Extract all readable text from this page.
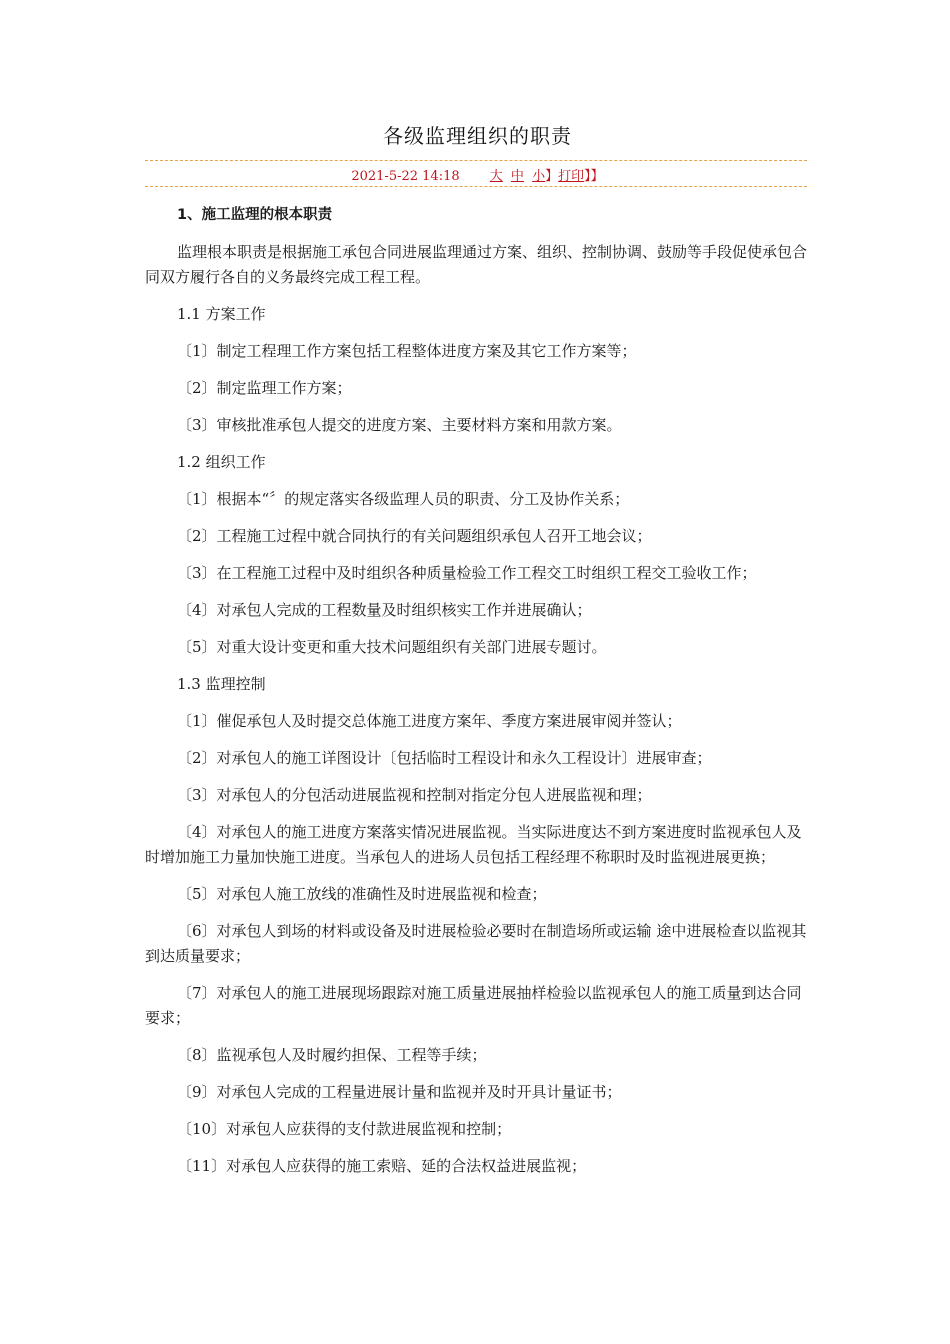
各级监理组织的职责
2021-5-22 14:18 大 中 小】打印】】

1、施工监理的根本职责

监理根本职责是根据施工承包合同进展监理通过方案、组织、控制协调、鼓励等手段促使承包合同双方履行各自的义务最终完成工程工程。

1.1 方案工作

〔1〕制定工程理工作方案包括工程整体进度方案及其它工作方案等；

〔2〕制定监理工作方案；

〔3〕审核批准承包人提交的进度方案、主要材料方案和用款方案。

1.2 组织工作

〔1〕根据本“〞的规定落实各级监理人员的职责、分工及协作关系；

〔2〕工程施工过程中就合同执行的有关问题组织承包人召开工地会议；

〔3〕在工程施工过程中及时组织各种质量检验工作工程交工时组织工程交工验收工作；

〔4〕对承包人完成的工程数量及时组织核实工作并进展确认；

〔5〕对重大设计变更和重大技术问题组织有关部门进展专题讨。

1.3 监理控制

〔1〕催促承包人及时提交总体施工进度方案年、季度方案进展审阅并签认；

〔2〕对承包人的施工详图设计〔包括临时工程设计和永久工程设计〕进展审查；

〔3〕对承包人的分包活动进展监视和控制对指定分包人进展监视和理；

〔4〕对承包人的施工进度方案落实情况进展监视。当实际进度达不到方案进度时监视承包人及时增加施工力量加快施工进度。当承包人的进场人员包括工程经理不称职时及时监视进展更换；

〔5〕对承包人施工放线的准确性及时进展监视和检查；

〔6〕对承包人到场的材料或设备及时进展检验必要时在制造场所或运输 途中进展检查以监视其到达质量要求；

〔7〕对承包人的施工进展现场跟踪对施工质量进展抽样检验以监视承包人的施工质量到达合同要求；

〔8〕监视承包人及时履约担保、工程等手续；

〔9〕对承包人完成的工程量进展计量和监视并及时开具计量证书；

〔10〕对承包人应获得的支付款进展监视和控制；

〔11〕对承包人应获得的施工索赔、延的合法权益进展监视；
